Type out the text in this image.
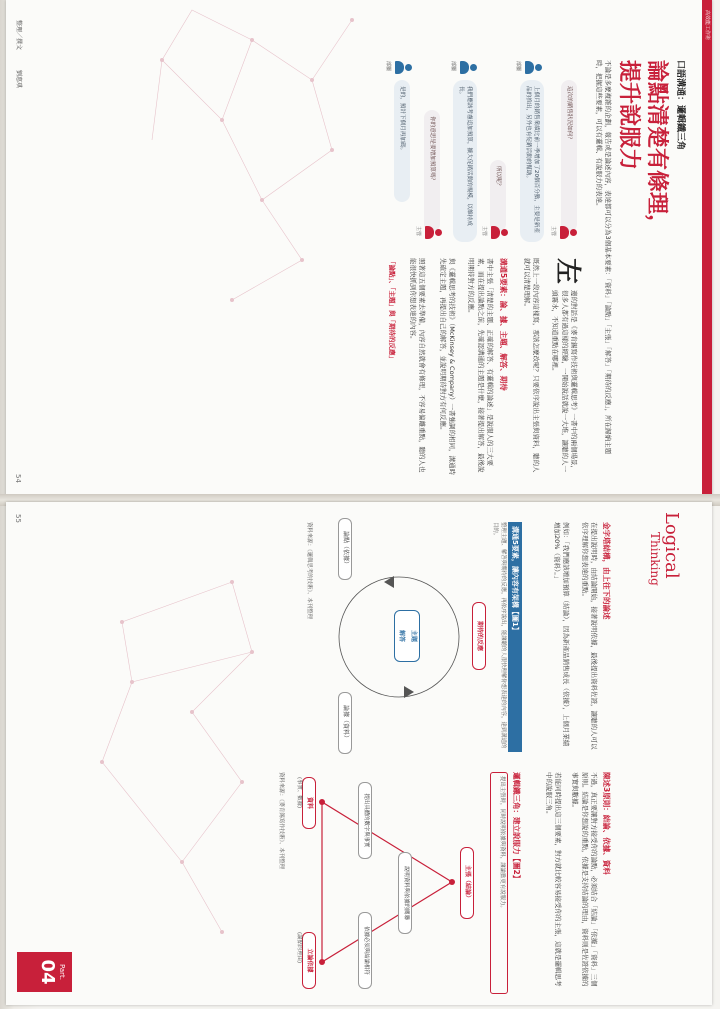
高效能工作術
口語溝通：邏輯鐵三角
論點清楚有條理，
提升說服力
不論是多麼複雜的企劃，報告或是論述內容，表達都可以分為3個基本要素：「資料」「論點」「主張」「解答」「期待的反應」，所在歸納主題時，把握這些要素，可以有邏輯、有說服力的表達。
這次的銷售狀況如何？
主管
部屬
上個月的銷售業績比前一季增加了20個百分點，主要是新產品的推出，另外也有促銷活動的幫助。
所以呢？
主管
部屬
我們應該考慮追加預算，擴大促銷活動的規模，以維持成長。
你的意思是要增加預算嗎？
主管
部屬
是的，預計下個月再加碼。
左
邊的對話是《麥肯錫寫作技術與邏輯思考》一書中的兩個場景，很多人都有過這樣的經驗，一開始說話就說一大堆，讓聽的人一頭霧水，不知道重點在哪裡。
既然上一段內容這樣寫，那該怎麼改呢？只要依序說出主張與資料，聽的人就可以清楚理解。
溝通5要素：論、據、主題、解答、期待
書中主張「清楚的主題、正確的解答、有邏輯的論述」是說服人的三大要素，而在提出論點之前，先確認溝通的主題是什麼，接著提出解答，最後說明期待對方的反應。
與《邏輯思考的技術》（McKinsey & Company）一書強調的相同，溝通時先確定主題，再提出自己的解答，並說明期待對方有何反應。
照著這五個要素去準備，內容自然就會有條理，不容易偏離重點，聽的人也能很快抓到你想表達的內容。
「論點」、「主題」與「期待的反應」
整理／撰文
劉惠琪
54
Logical
Thinking
Part.
04
陳述3原則：結論、依據、資料
不過，真正要讓對方接受你的論點，必須結合「結論」「依據」「資料」三個原則。結論是你想說的重點，依據是支持結論的理由，資料則是佐證依據的事實與數據。
若能同時提出這三個要素，對方就比較容易接受你的主張，這就是邏輯思考中的說服三角。
金字塔結構，由上往下的論述
在提出說明時，由結論開始，接著說明依據，最後提出資料佐證，讓聽的人可以依序理解你想表達的重點。
例如：「我們應該增加預算（結論），因為新產品銷售成長（依據），上個月業績增加20%（資料）。」
溝通5要素，讓內容有架構【圖1】
整理主題、解答與期待的反應，再依序說出，能讓聽的人很快理解你想表達的內容，達到溝通的目的。
主題
解答	期待的反應
論點（依據）
論據（資料）
資料來源：《邏輯思考的技術》、本刊整理
邏輯鐵三角：建立說服力【圖2】
提出主張時，同時說明依據與資料，讓論點更有說服力。
主張（結論）
資料
(事實、數據)
立論依據
(論點的理由)
說明資料與依據的關聯
提出具體的數字與事實
依據必須與結論相符
資料來源：《麥肯錫寫作技術》、本刊整理
55
